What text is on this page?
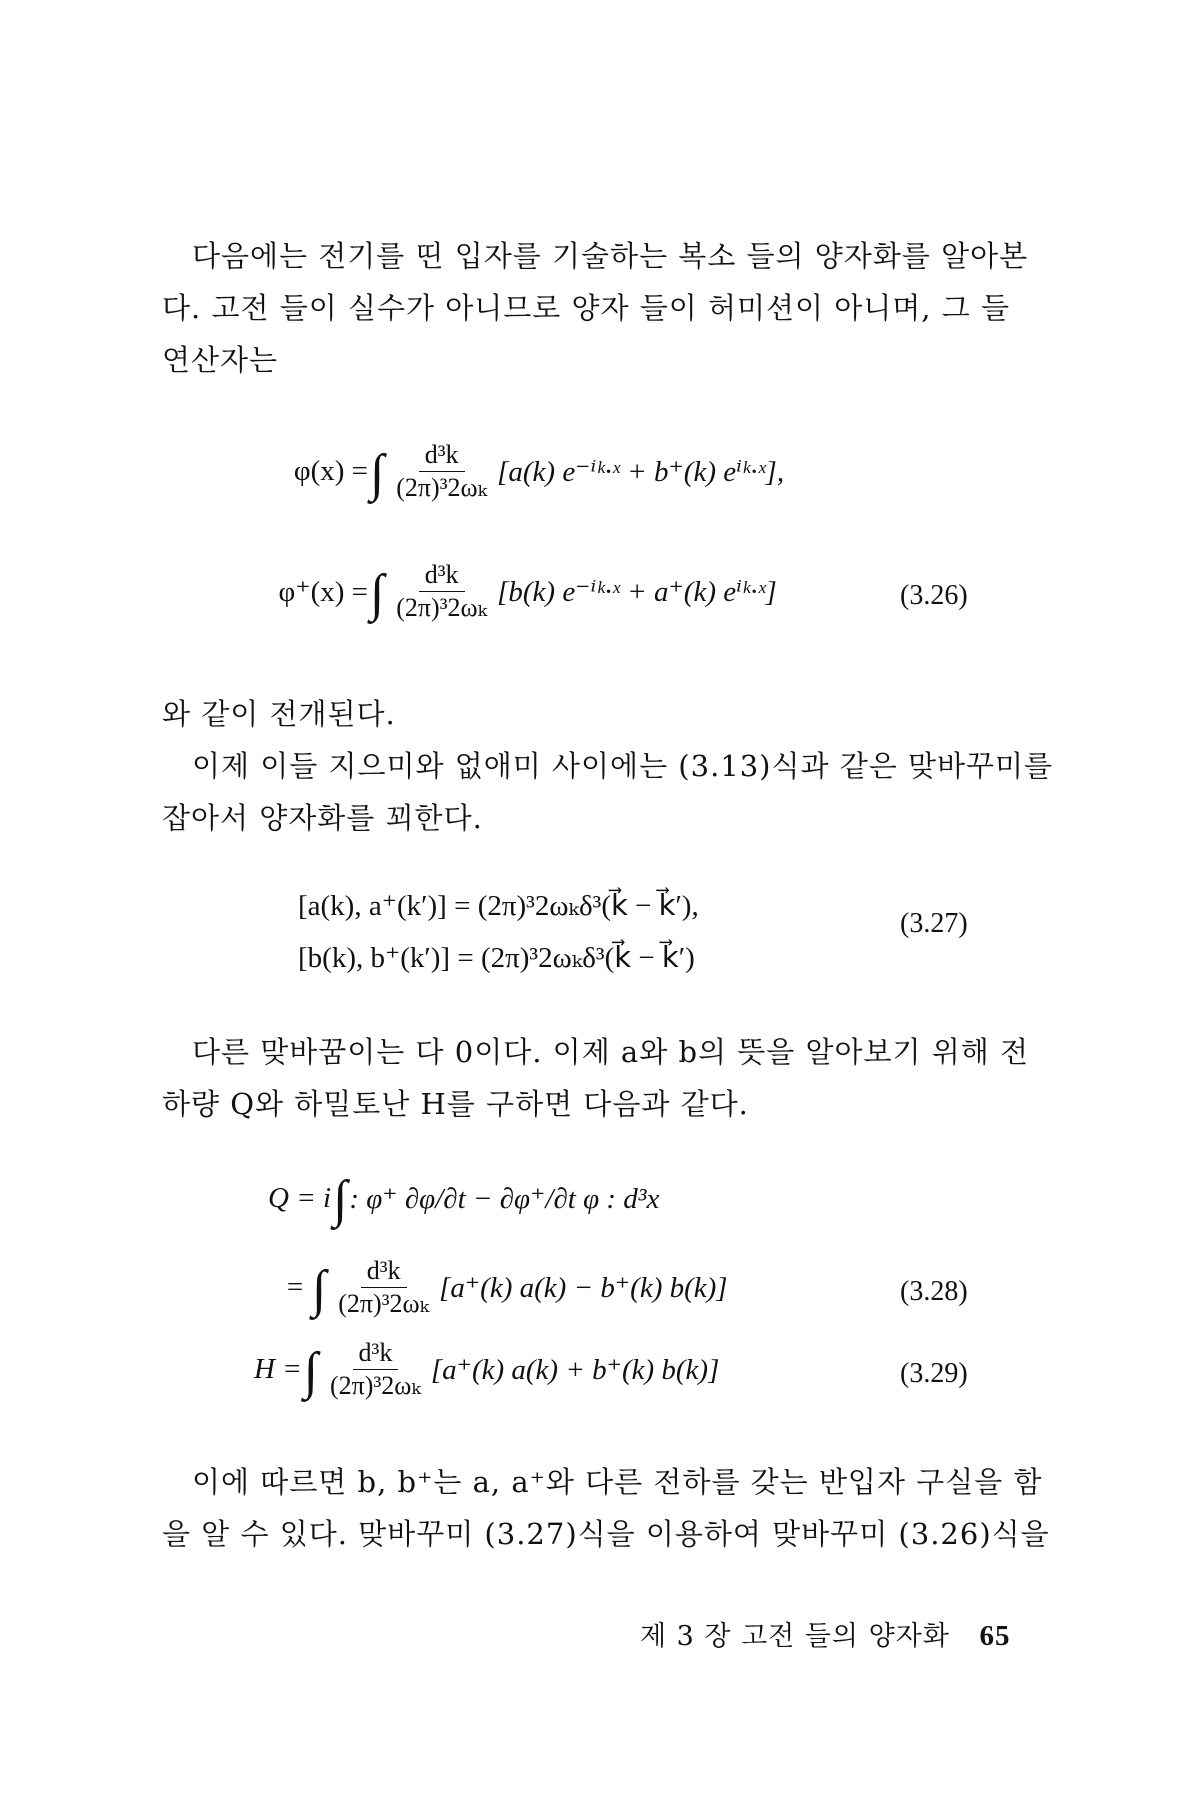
다음에는 전기를 띤 입자를 기술하는 복소 들의 양자화를 알아본
다. 고전 들이 실수가 아니므로 양자 들이 허미션이 아니며, 그 들
연산자는

φ(x) = ∫ $\frac{\text{d³k}}{\text{(2π)³2ωₖ}} [a(k)$ e⁻ⁱᵏ·ˣ + b⁺(k) eⁱᵏ·ˣ],
φ⁺(x) = ∫ $\frac{\text{d³k}}{\text{(2π)³2ωₖ}} [b(k)$ e⁻ⁱᵏ·ˣ + a⁺(k) eⁱᵏ·ˣ]	(3.26)

와 같이 전개된다.
이제 이들 지으미와 없애미 사이에는 (3.13)식과 같은 맞바꾸미를
잡아서 양자화를 꾀한다.

[a(k), a⁺(k′)] = (2π)³2ωₖδ³(k⃗ − k⃗′),
[b(k), b⁺(k′)] = (2π)³2ωₖδ³(k⃗ − k⃗′)
(3.27)

다른 맞바꿈이는 다 0이다. 이제 a와 b의 뜻을 알아보기 위해 전
하량 Q와 하밀토난 H를 구하면 다음과 같다.

Q = i ∫ : φ⁺ ∂φ/∂t − ∂φ⁺/∂t φ : d³x
= ∫ $\frac{\text{d³k}}{\text{(2π)³2ωₖ}} [a^+(k) a(k) - b^+(k)$ b(k)]	(3.28)
H = ∫ $\frac{\text{d³k}}{\text{(2π)³2ωₖ}} [a^+(k) a(k) + b^+(k)$ b(k)]	(3.29)

이에 따르면 b, b⁺는 a, a⁺와 다른 전하를 갖는 반입자 구실을 함
을 알 수 있다. 맞바꾸미 (3.27)식을 이용하여 맞바꾸미 (3.26)식을

제 3 장 고전 들의 양자화 65
